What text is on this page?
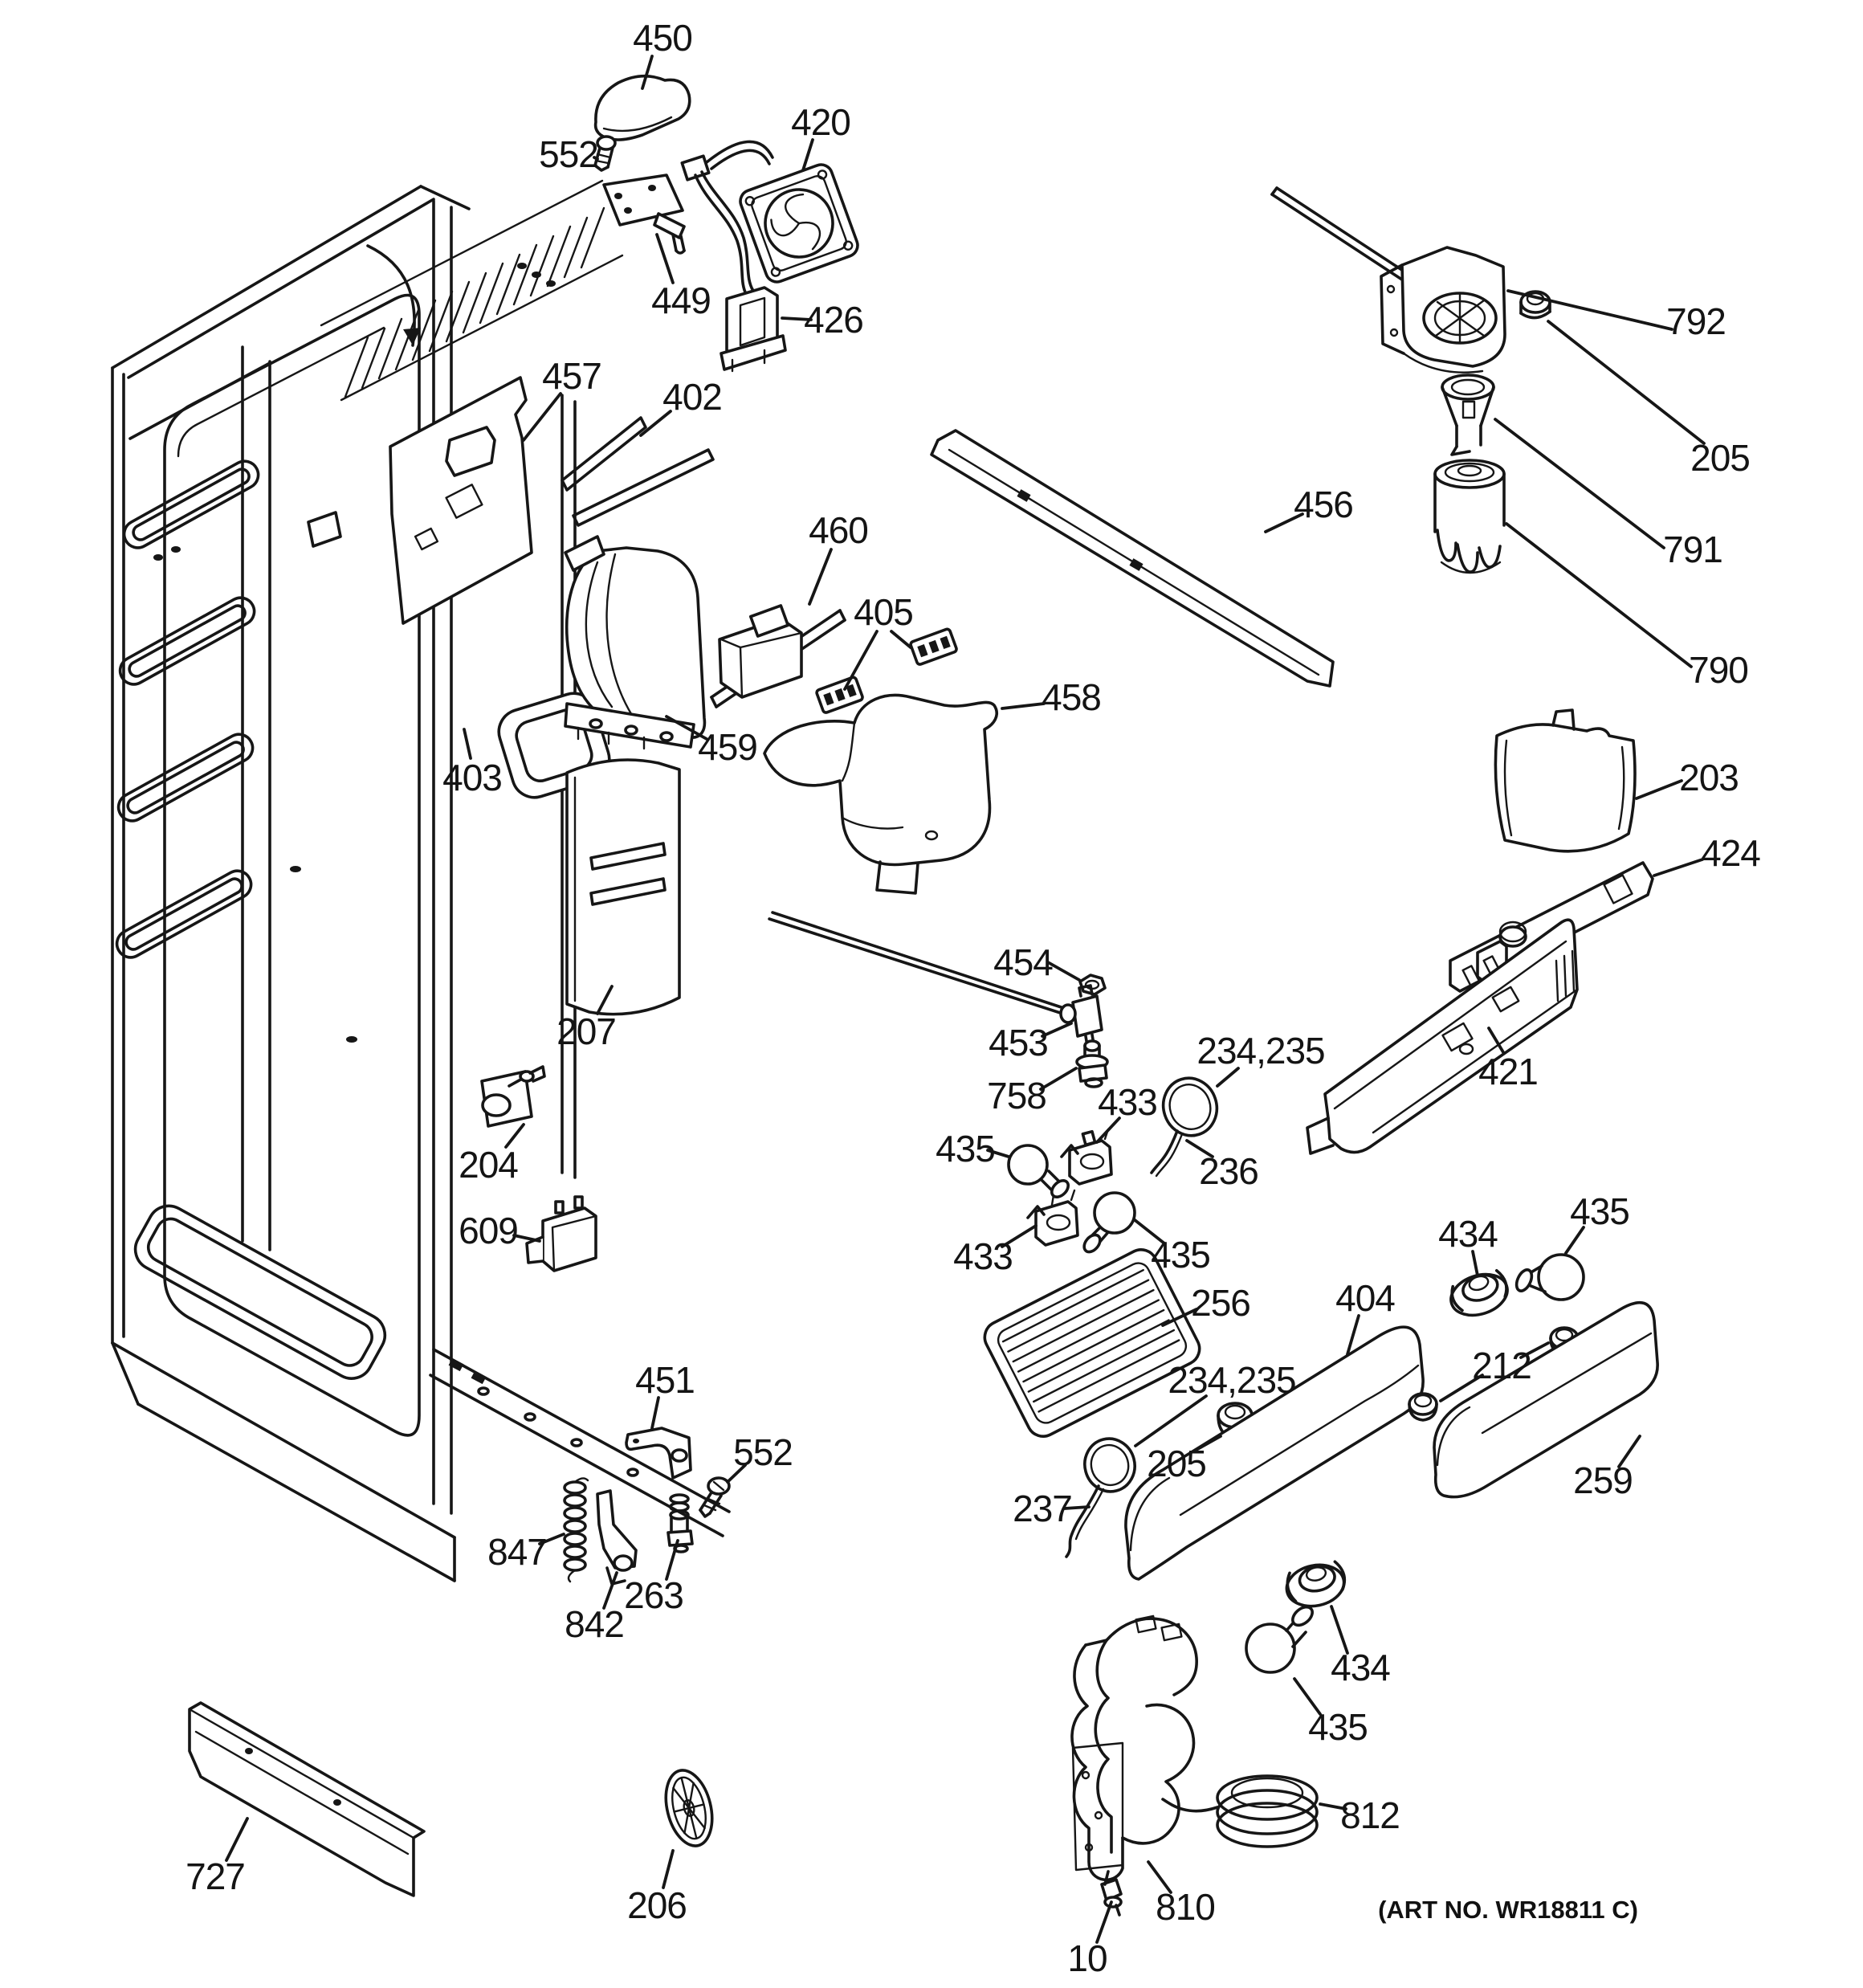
450
552
449
420
426
457 402
456
792
205
791
790
203
424
421
460
405
459
458
403
207
204
609
454
453
758 433
435
433	435
234,235
236
256
234,235
205
237
404
434
435
212
259
434
435
812
810
10
451
552
847
842
263
727
206	(ART NO. WR18811 C)
